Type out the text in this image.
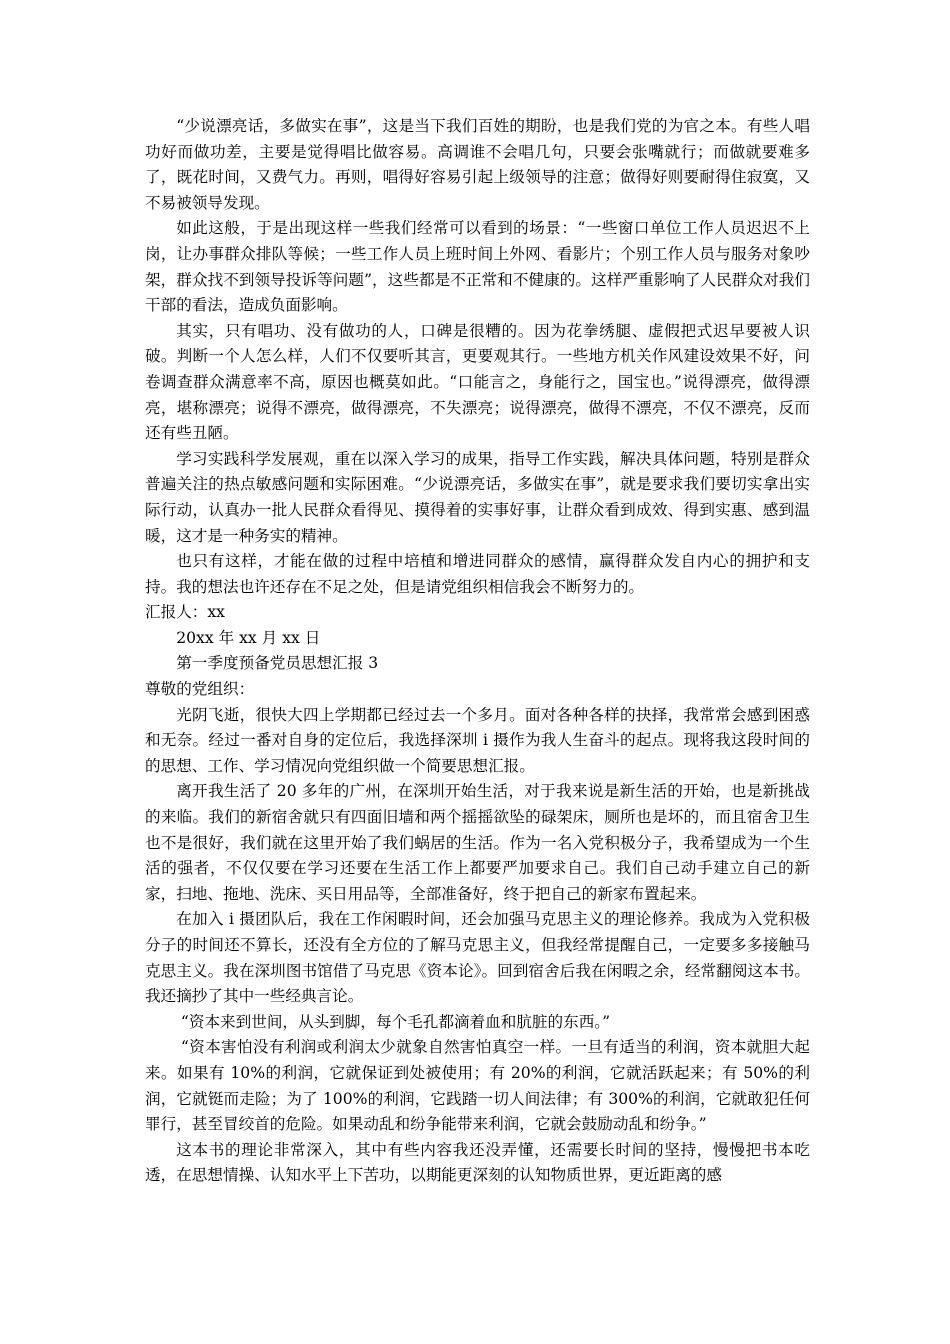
“少说漂亮话，多做实在事”，这是当下我们百姓的期盼，也是我们党的为官之本。有些人唱功好而做功差，主要是觉得唱比做容易。高调谁不会唱几句，只要会张嘴就行；而做就要难多了，既花时间，又费气力。再则，唱得好容易引起上级领导的注意；做得好则要耐得住寂寞，又不易被领导发现。

如此这般，于是出现这样一些我们经常可以看到的场景：“一些窗口单位工作人员迟迟不上岗，让办事群众排队等候；一些工作人员上班时间上外网、看影片；个别工作人员与服务对象吵架，群众找不到领导投诉等问题”，这些都是不正常和不健康的。这样严重影响了人民群众对我们干部的看法，造成负面影响。

其实，只有唱功、没有做功的人，口碑是很糟的。因为花拳绣腿、虚假把式迟早要被人识破。判断一个人怎么样，人们不仅要听其言，更要观其行。一些地方机关作风建设效果不好，问卷调查群众满意率不高，原因也概莫如此。“口能言之，身能行之，国宝也。”说得漂亮，做得漂亮，堪称漂亮；说得不漂亮，做得漂亮，不失漂亮；说得漂亮，做得不漂亮，不仅不漂亮，反而还有些丑陋。

学习实践科学发展观，重在以深入学习的成果，指导工作实践，解决具体问题，特别是群众普遍关注的热点敏感问题和实际困难。“少说漂亮话，多做实在事”，就是要求我们要切实拿出实际行动，认真办一批人民群众看得见、摸得着的实事好事，让群众看到成效、得到实惠、感到温暖，这才是一种务实的精神。

也只有这样，才能在做的过程中培植和增进同群众的感情，赢得群众发自内心的拥护和支持。我的想法也许还存在不足之处，但是请党组织相信我会不断努力的。

汇报人：xx

20xx 年 xx 月 xx 日

第一季度预备党员思想汇报 3

尊敬的党组织：

光阴飞逝，很快大四上学期都已经过去一个多月。面对各种各样的抉择，我常常会感到困惑和无奈。经过一番对自身的定位后，我选择深圳 i 摄作为我人生奋斗的起点。现将我这段时间的的思想、工作、学习情况向党组织做一个简要思想汇报。

离开我生活了 20 多年的广州，在深圳开始生活，对于我来说是新生活的开始，也是新挑战的来临。我们的新宿舍就只有四面旧墙和两个摇摇欲坠的碌架床，厕所也是坏的，而且宿舍卫生也不是很好，我们就在这里开始了我们蜗居的生活。作为一名入党积极分子，我希望成为一个生活的强者，不仅仅要在学习还要在生活工作上都要严加要求自己。我们自己动手建立自己的新家，扫地、拖地、洗床、买日用品等，全部准备好，终于把自己的新家布置起来。

在加入 i 摄团队后，我在工作闲暇时间，还会加强马克思主义的理论修养。我成为入党积极分子的时间还不算长，还没有全方位的了解马克思主义，但我经常提醒自己，一定要多多接触马克思主义。我在深圳图书馆借了马克思《资本论》。回到宿舍后我在闲暇之余，经常翻阅这本书。我还摘抄了其中一些经典言论。

“资本来到世间，从头到脚，每个毛孔都滴着血和肮脏的东西。”

“资本害怕没有利润或利润太少就象自然害怕真空一样。一旦有适当的利润，资本就胆大起来。如果有 10%的利润，它就保证到处被使用；有 20%的利润，它就活跃起来；有 50%的利润，它就铤而走险；为了 100%的利润，它践踏一切人间法律；有 300%的利润，它就敢犯任何罪行，甚至冒绞首的危险。如果动乱和纷争能带来利润，它就会鼓励动乱和纷争。”

这本书的理论非常深入，其中有些内容我还没弄懂，还需要长时间的坚持，慢慢把书本吃透，在思想情操、认知水平上下苦功，以期能更深刻的认知物质世界，更近距离的感
